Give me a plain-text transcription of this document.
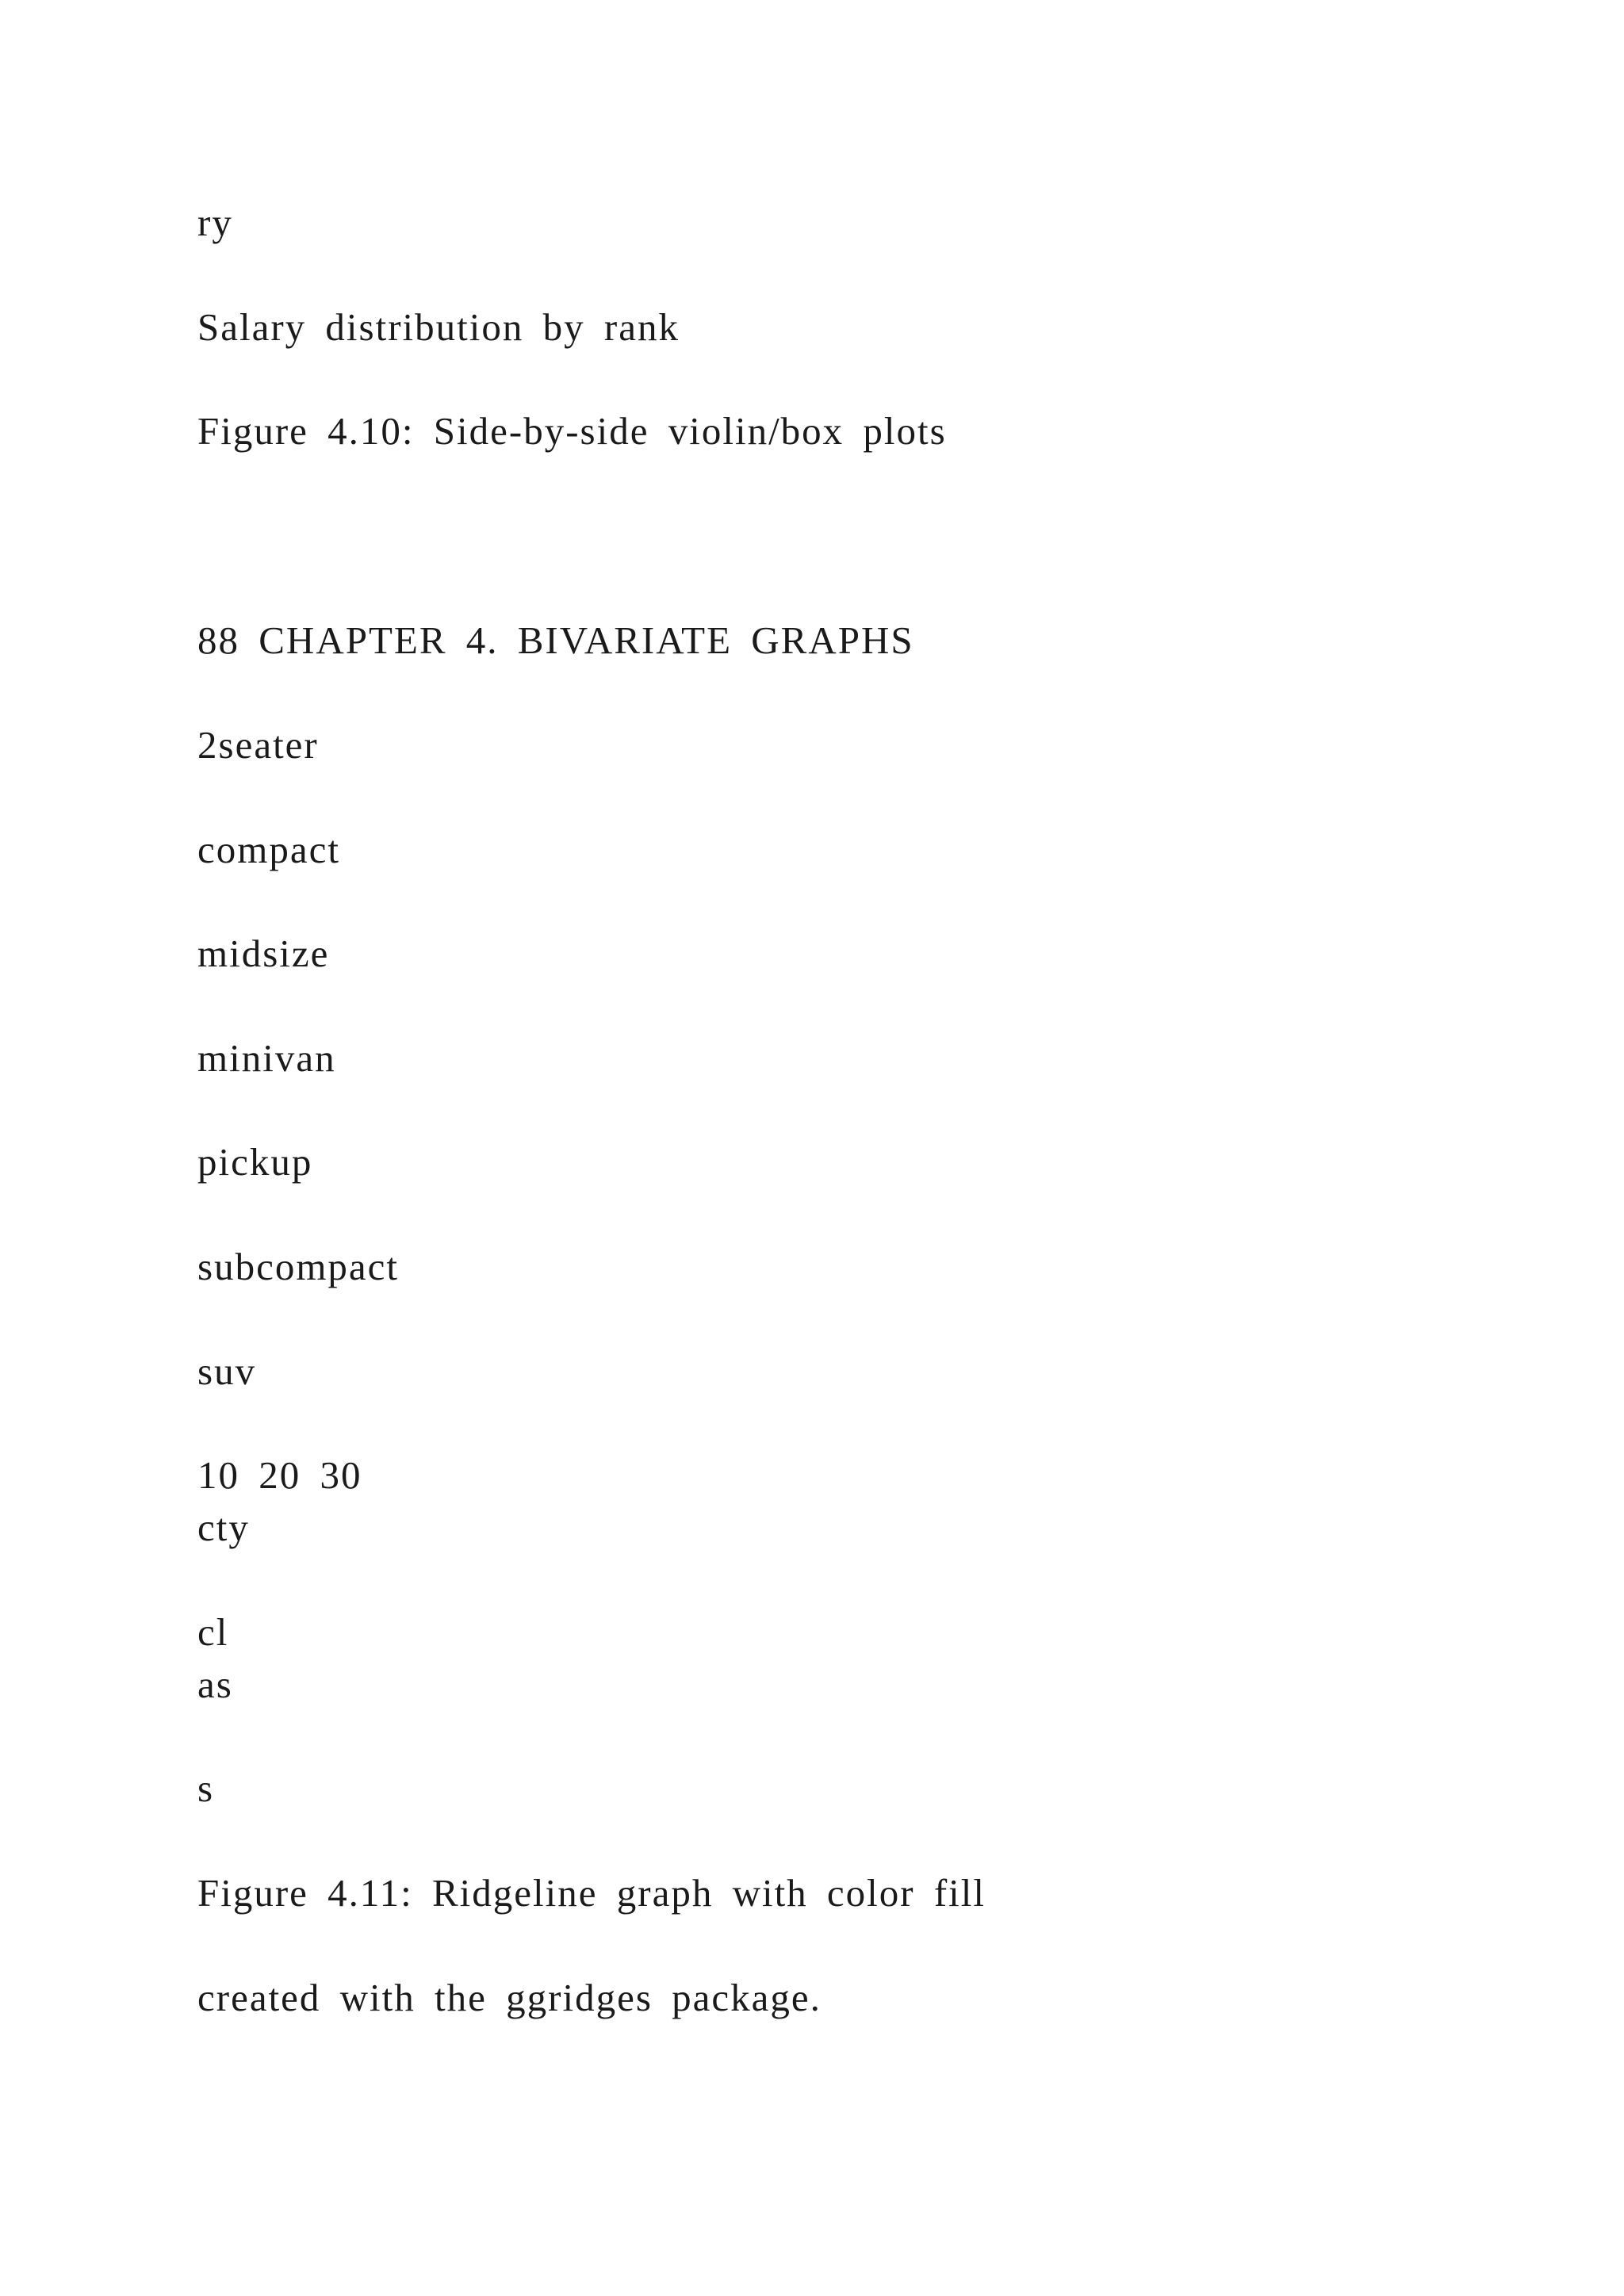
ry
Salary distribution by rank
Figure 4.10: Side-by-side violin/box plots
88 CHAPTER 4. BIVARIATE GRAPHS
2seater
compact
midsize
minivan
pickup
subcompact
suv
10 20 30
cty
cl
as
s
Figure 4.11: Ridgeline graph with color fill
created with the ggridges package.
